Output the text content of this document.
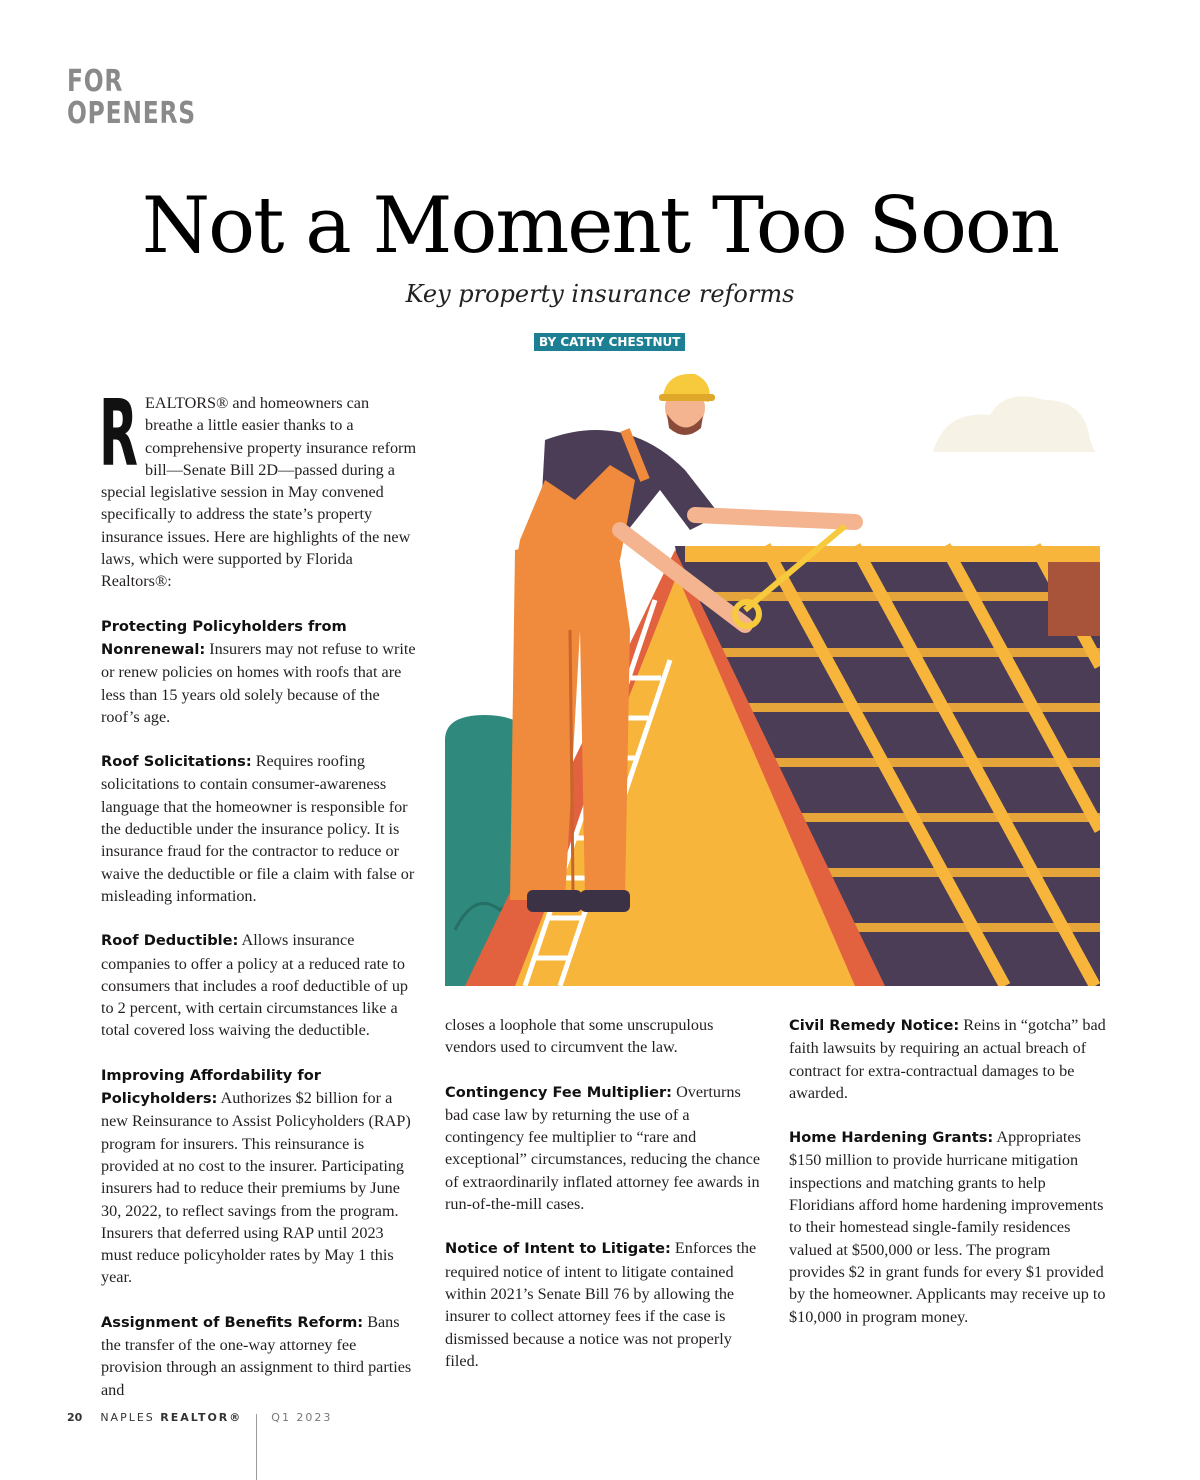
FOR
OPENERS
Not a Moment Too Soon
Key property insurance reforms
BY CATHY CHESTNUT

REALTORS® and homeowners can breathe a little easier thanks to a comprehensive property insurance reform bill—Senate Bill 2D—passed during a special legislative session in May convened specifically to address the state’s property insurance issues. Here are highlights of the new laws, which were supported by Florida Realtors®:

Protecting Policyholders from Nonrenewal: Insurers may not refuse to write or renew policies on homes with roofs that are less than 15 years old solely because of the roof’s age.

Roof Solicitations: Requires roofing solicitations to contain consumer-awareness language that the homeowner is responsible for the deductible under the insurance policy. It is insurance fraud for the contractor to reduce or waive the deductible or file a claim with false or misleading information.

Roof Deductible: Allows insurance companies to offer a policy at a reduced rate to consumers that includes a roof deductible of up to 2 percent, with certain circumstances like a total covered loss waiving the deductible.

Improving Affordability for Policyholders: Authorizes $2 billion for a new Reinsurance to Assist Policyholders (RAP) program for insurers. This reinsurance is provided at no cost to the insurer. Participating insurers had to reduce their premiums by June 30, 2022, to reflect savings from the program. Insurers that deferred using RAP until 2023 must reduce policyholder rates by May 1 this year.

Assignment of Benefits Reform: Bans the transfer of the one-way attorney fee provision through an assignment to third parties and

closes a loophole that some unscrupulous vendors used to circumvent the law.

Contingency Fee Multiplier: Overturns bad case law by returning the use of a contingency fee multiplier to “rare and exceptional” circumstances, reducing the chance of extraordinarily inflated attorney fee awards in run-of-the-mill cases.

Notice of Intent to Litigate: Enforces the required notice of intent to litigate contained within 2021’s Senate Bill 76 by allowing the insurer to collect attorney fees if the case is dismissed because a notice was not properly filed.

Civil Remedy Notice: Reins in “gotcha” bad faith lawsuits by requiring an actual breach of contract for extra-contractual damages to be awarded.

Home Hardening Grants: Appropriates $150 million to provide hurricane mitigation inspections and matching grants to help Floridians afford home hardening improvements to their homestead single-family residences valued at $500,000 or less. The program provides $2 in grant funds for every $1 provided by the homeowner. Applicants may receive up to $10,000 in program money.

20 NAPLES REALTOR®	Q1 2023
